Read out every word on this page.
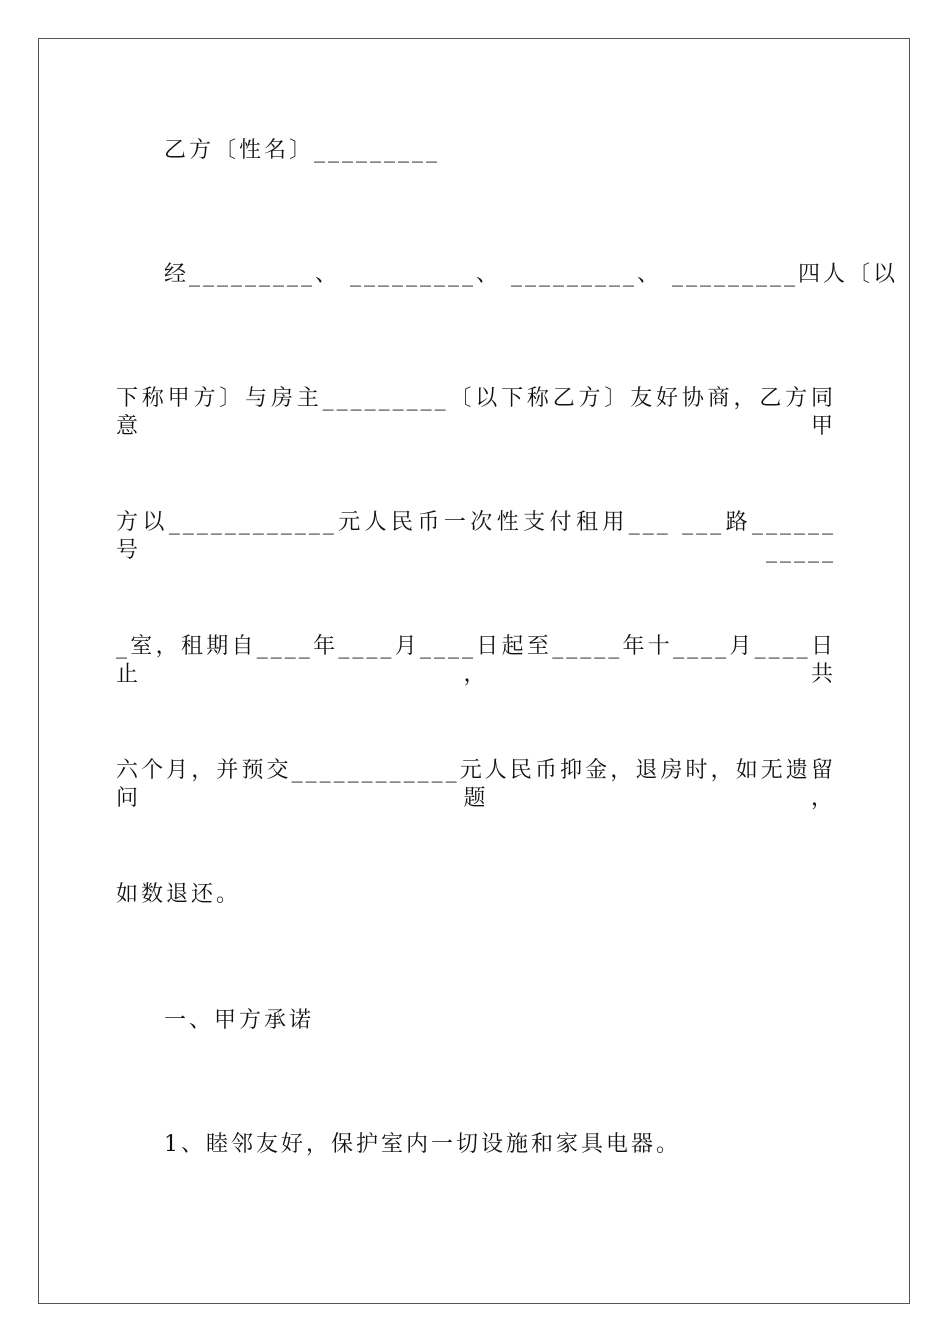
乙方〔性名〕_________
经_________、 _________、 _________、 _________四人〔以
下称甲方〕与房主_________〔以下称乙方〕友好协商，乙方同意甲
方以____________元人民币一次性支付租用___ ___路______号_____
_室，租期自____年____月____日起至_____年十____月____日止，共
六个月，并预交____________元人民币抑金，退房时，如无遗留问题，
如数退还。
一、甲方承诺
1、睦邻友好，保护室内一切设施和家具电器。
